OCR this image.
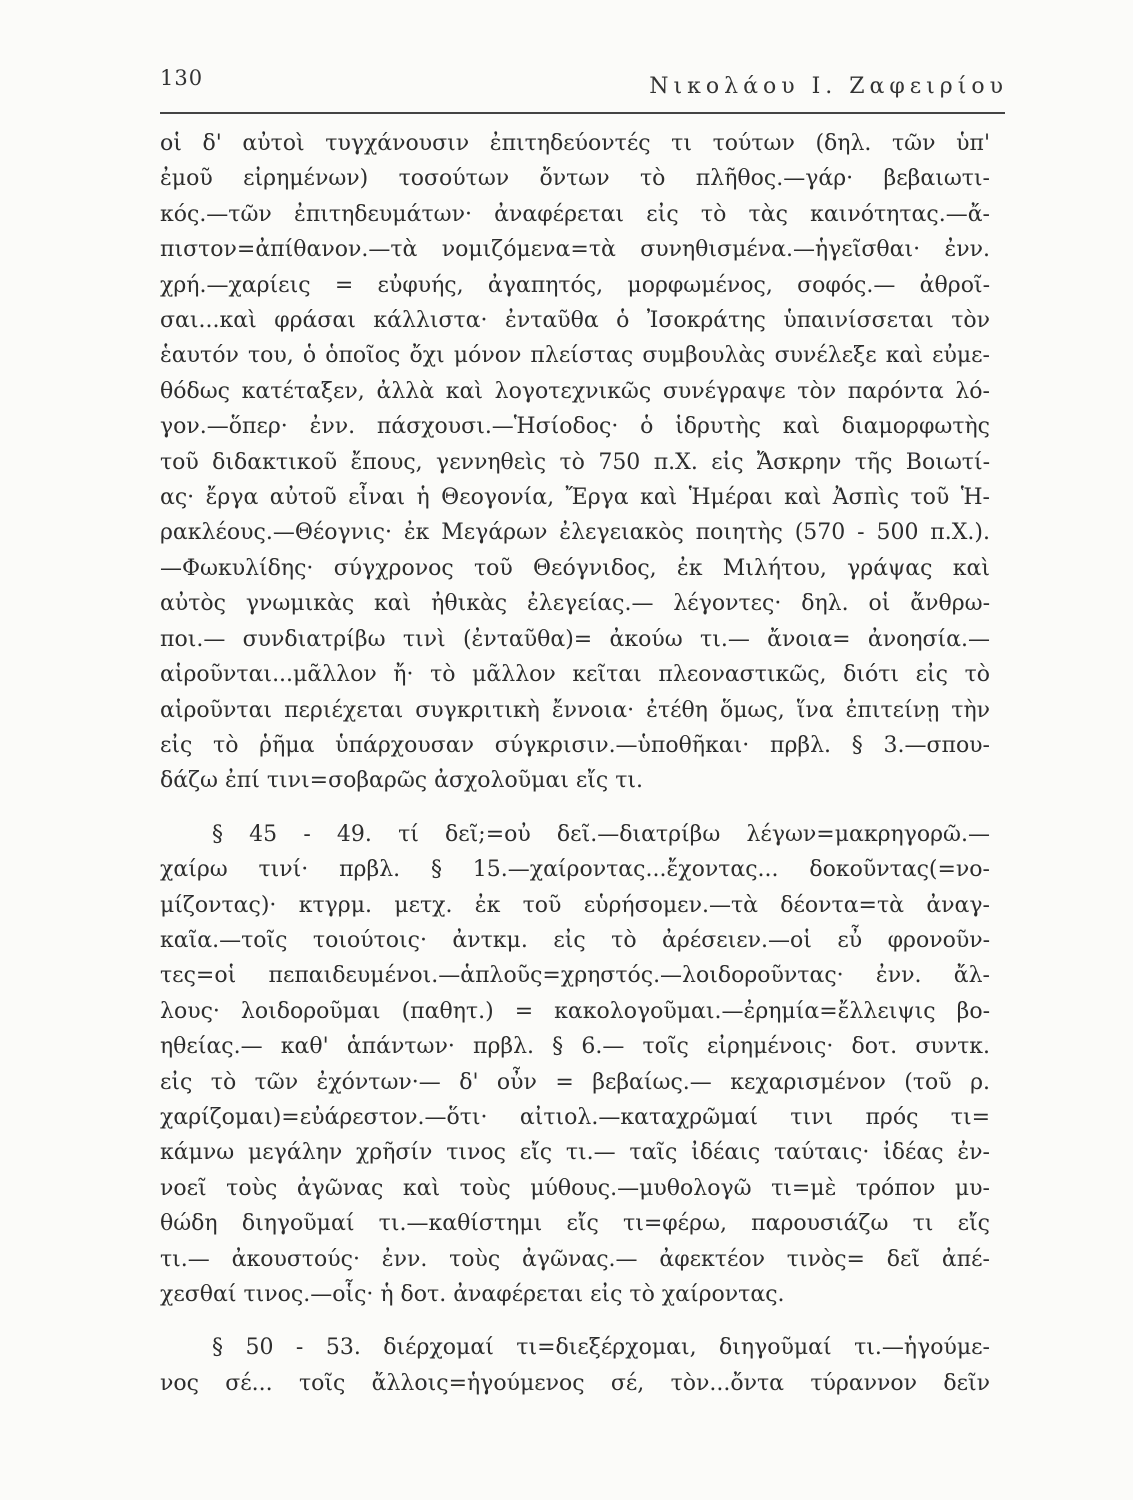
130	Νικολάου Ι. Ζαφειρίου
οἱ δ' αὐτοὶ τυγχάνουσιν ἐπιτηδεύοντές τι τούτων (δηλ. τῶν ὑπ'
ἐμοῦ εἰρημένων) τοσούτων ὄντων τὸ πλῆθος.—γάρ· βεβαιωτι-
κός.—τῶν ἐπιτηδευμάτων· ἀναφέρεται εἰς τὸ τὰς καινότητας.—ἄ-
πιστον=ἀπίθανον.—τὰ νομιζόμενα=τὰ συνηθισμένα.—ἡγεῖσθαι· ἐνν.
χρή.—χαρίεις = εὐφυής, ἀγαπητός, μορφωμένος, σοφός.— ἀθροῖ-
σαι...καὶ φράσαι κάλλιστα· ἐνταῦθα ὁ Ἰσοκράτης ὑπαινίσσεται τὸν
ἑαυτόν του, ὁ ὁποῖος ὄχι μόνον πλείστας συμβουλὰς συνέλεξε καὶ εὐμε-
θόδως κατέταξεν, ἀλλὰ καὶ λογοτεχνικῶς συνέγραψε τὸν παρόντα λό-
γον.—ὅπερ· ἐνν. πάσχουσι.—Ἡσίοδος· ὁ ἱδρυτὴς καὶ διαμορφωτὴς
τοῦ διδακτικοῦ ἔπους, γεννηθεὶς τὸ 750 π.Χ. εἰς Ἄσκρην τῆς Βοιωτί-
ας· ἔργα αὐτοῦ εἶναι ἡ Θεογονία, Ἔργα καὶ Ἡμέραι καὶ Ἀσπὶς τοῦ Ἡ-
ρακλέους.—Θέογνις· ἐκ Μεγάρων ἐλεγειακὸς ποιητὴς (570 - 500 π.Χ.).
—Φωκυλίδης· σύγχρονος τοῦ Θεόγνιδος, ἐκ Μιλήτου, γράψας καὶ
αὐτὸς γνωμικὰς καὶ ἠθικὰς ἐλεγείας.— λέγοντες· δηλ. οἱ ἄνθρω-
ποι.— συνδιατρίβω τινὶ (ἐνταῦθα)= ἀκούω τι.— ἄνοια= ἀνοησία.—
αἱροῦνται...μᾶλλον ἤ· τὸ μᾶλλον κεῖται πλεοναστικῶς, διότι εἰς τὸ
αἱροῦνται περιέχεται συγκριτικὴ ἔννοια· ἐτέθη ὅμως, ἵνα ἐπιτείνῃ τὴν
εἰς τὸ ῥῆμα ὑπάρχουσαν σύγκρισιν.—ὑποθῆκαι· πρβλ. § 3.—σπου-
δάζω ἐπί τινι=σοβαρῶς ἀσχολοῦμαι εἴς τι.
§ 45 - 49. τί δεῖ;=οὐ δεῖ.—διατρίβω λέγων=μακρηγορῶ.—
χαίρω τινί· πρβλ. § 15.—χαίροντας...ἔχοντας... δοκοῦντας(=νο-
μίζοντας)· κτγρμ. μετχ. ἐκ τοῦ εὑρήσομεν.—τὰ δέοντα=τὰ ἀναγ-
καῖα.—τοῖς τοιούτοις· ἀντκμ. εἰς τὸ ἀρέσειεν.—οἱ εὖ φρονοῦν-
τες=οἱ πεπαιδευμένοι.—ἁπλοῦς=χρηστός.—λοιδοροῦντας· ἐνν. ἄλ-
λους· λοιδοροῦμαι (παθητ.) = κακολογοῦμαι.—ἐρημία=ἔλλειψις βο-
ηθείας.— καθ' ἁπάντων· πρβλ. § 6.— τοῖς εἰρημένοις· δοτ. συντκ.
εἰς τὸ τῶν ἐχόντων·— δ' οὖν = βεβαίως.— κεχαρισμένον (τοῦ ρ.
χαρίζομαι)=εὐάρεστον.—ὅτι· αἰτιολ.—καταχρῶμαί τινι πρός τι=
κάμνω μεγάλην χρῆσίν τινος εἴς τι.— ταῖς ἰδέαις ταύταις· ἰδέας ἐν-
νοεῖ τοὺς ἀγῶνας καὶ τοὺς μύθους.—μυθολογῶ τι=μὲ τρόπον μυ-
θώδη διηγοῦμαί τι.—καθίστημι εἴς τι=φέρω, παρουσιάζω τι εἴς
τι.— ἀκουστούς· ἐνν. τοὺς ἀγῶνας.— ἀφεκτέον τινὸς= δεῖ ἀπέ-
χεσθαί τινος.—οἷς· ἡ δοτ. ἀναφέρεται εἰς τὸ χαίροντας.
§ 50 - 53. διέρχομαί τι=διεξέρχομαι, διηγοῦμαί τι.—ἡγούμε-
νος σέ... τοῖς ἄλλοις=ἡγούμενος σέ, τὸν...ὄντα τύραννον δεῖν
